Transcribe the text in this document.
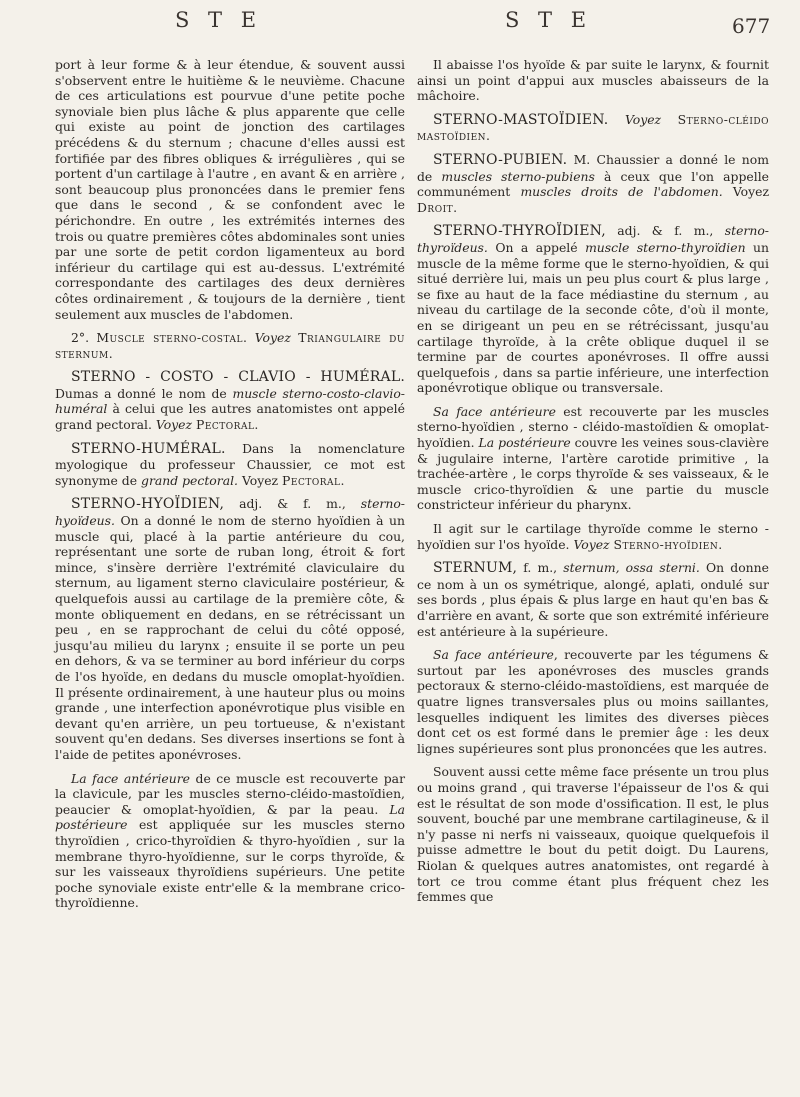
S T E	S T E	677

port à leur forme & à leur étendue, & souvent aussi s'observent entre le huitième & le neuvième. Chacune de ces articulations est pourvue d'une petite poche synoviale bien plus lâche & plus apparente que celle qui existe au point de jonction des cartilages précédens & du sternum ; chacune d'elles aussi est fortifiée par des fibres obliques & irrégulières , qui se portent d'un cartilage à l'autre , en avant & en arrière , sont beaucoup plus prononcées dans le premier fens que dans le second , & se confondent avec le périchondre. En outre , les extrémités internes des trois ou quatre premières côtes abdominales sont unies par une sorte de petit cordon ligamenteux au bord inférieur du cartilage qui est au-dessus. L'extrémité correspondante des cartilages des deux dernières côtes ordinairement , & toujours de la dernière , tient seulement aux muscles de l'abdomen.

2°. Muscle sterno-costal. Voyez Triangulaire du sternum.

STERNO - COSTO - CLAVIO - HUMÉRAL. Dumas a donné le nom de muscle sterno-costo-clavio-huméral à celui que les autres anatomistes ont appelé grand pectoral. Voyez Pectoral.

STERNO-HUMÉRAL. Dans la nomenclature myologique du professeur Chaussier, ce mot est synonyme de grand pectoral. Voyez Pectoral.

STERNO-HYOÏDIEN, adj. & f. m., sterno-hyoïdeus. On a donné le nom de sterno hyoïdien à un muscle qui, placé à la partie antérieure du cou, représentant une sorte de ruban long, étroit & fort mince, s'insère derrière l'extrémité claviculaire du sternum, au ligament sterno claviculaire postérieur, & quelquefois aussi au cartilage de la première côte, & monte obliquement en dedans, en se rétrécissant un peu , en se rapprochant de celui du côté opposé, jusqu'au milieu du larynx ; ensuite il se porte un peu en dehors, & va se terminer au bord inférieur du corps de l'os hyoïde, en dedans du muscle omoplat-hyoïdien. Il présente ordinairement, à une hauteur plus ou moins grande , une interfection aponévrotique plus visible en devant qu'en arrière, un peu tortueuse, & n'existant souvent qu'en dedans. Ses diverses insertions se font à l'aide de petites aponévroses.

La face antérieure de ce muscle est recouverte par la clavicule, par les muscles sterno-cléido-mastoïdien, peaucier & omoplat-hyoïdien, & par la peau. La postérieure est appliquée sur les muscles sterno thyroïdien , crico-thyroïdien & thyro-hyoïdien , sur la membrane thyro-hyoïdienne, sur le corps thyroïde, & sur les vaisseaux thyroïdiens supérieurs. Une petite poche synoviale existe entr'elle & la membrane crico-thyroïdienne.

Il abaisse l'os hyoïde & par suite le larynx, & fournit ainsi un point d'appui aux muscles abaisseurs de la mâchoire.

STERNO-MASTOÏDIEN. Voyez Sterno-cléido mastoïdien.

STERNO-PUBIEN. M. Chaussier a donné le nom de muscles sterno-pubiens à ceux que l'on appelle communément muscles droits de l'abdomen. Voyez Droit.

STERNO-THYROÏDIEN, adj. & f. m., sterno-thyroïdeus. On a appelé muscle sterno-thyroïdien un muscle de la même forme que le sterno-hyoïdien, & qui situé derrière lui, mais un peu plus court & plus large , se fixe au haut de la face médiastine du sternum , au niveau du cartilage de la seconde côte, d'où il monte, en se dirigeant un peu en se rétrécissant, jusqu'au cartilage thyroïde, à la crête oblique duquel il se termine par de courtes aponévroses. Il offre aussi quelquefois , dans sa partie inférieure, une interfection aponévrotique oblique ou transversale.

Sa face antérieure est recouverte par les muscles sterno-hyoïdien , sterno - cléido-mastoïdien & omoplat-hyoïdien. La postérieure couvre les veines sous-clavière & jugulaire interne, l'artère carotide primitive , la trachée-artère , le corps thyroïde & ses vaisseaux, & le muscle crico-thyroïdien & une partie du muscle constricteur inférieur du pharynx.

Il agit sur le cartilage thyroïde comme le sterno - hyoïdien sur l'os hyoïde. Voyez Sterno-hyoïdien.

STERNUM, f. m., sternum, ossa sterni. On donne ce nom à un os symétrique, alongé, aplati, ondulé sur ses bords , plus épais & plus large en haut qu'en bas & d'arrière en avant, & sorte que son extrémité inférieure est antérieure à la supérieure.

Sa face antérieure, recouverte par les tégumens & surtout par les aponévroses des muscles grands pectoraux & sterno-cléido-mastoïdiens, est marquée de quatre lignes transversales plus ou moins saillantes, lesquelles indiquent les limites des diverses pièces dont cet os est formé dans le premier âge : les deux lignes supérieures sont plus prononcées que les autres.

Souvent aussi cette même face présente un trou plus ou moins grand , qui traverse l'épaisseur de l'os & qui est le résultat de son mode d'ossification. Il est, le plus souvent, bouché par une membrane cartilagineuse, & il n'y passe ni nerfs ni vaisseaux, quoique quelquefois il puisse admettre le bout du petit doigt. Du Laurens, Riolan & quelques autres anatomistes, ont regardé à tort ce trou comme étant plus fréquent chez les femmes que
